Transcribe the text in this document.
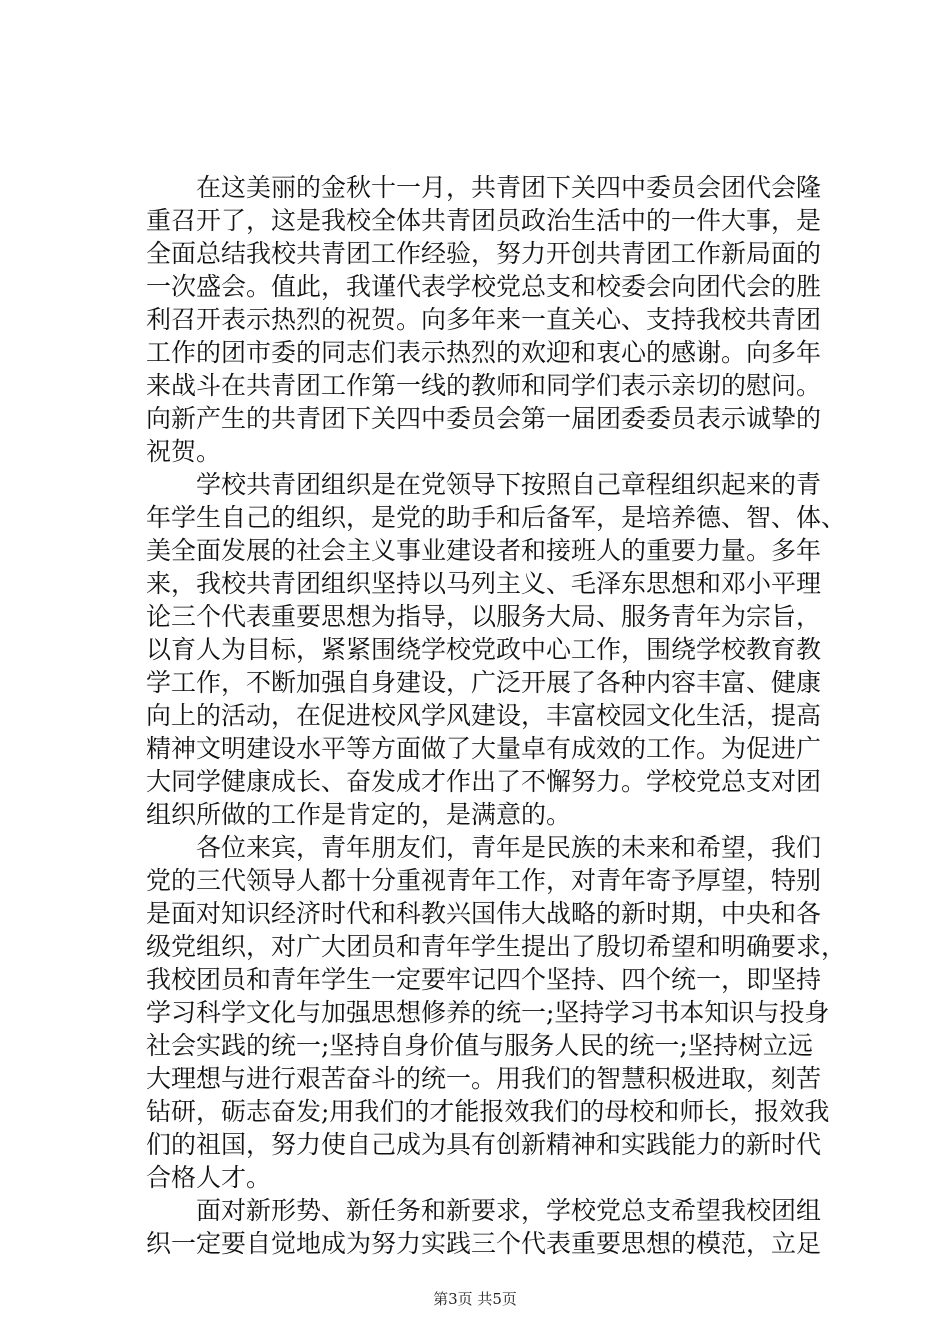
　　在这美丽的金秋十一月，共青团下关四中委员会团代会隆

重召开了，这是我校全体共青团员政治生活中的一件大事，是

全面总结我校共青团工作经验，努力开创共青团工作新局面的

一次盛会。值此，我谨代表学校党总支和校委会向团代会的胜

利召开表示热烈的祝贺。向多年来一直关心、支持我校共青团

工作的团市委的同志们表示热烈的欢迎和衷心的感谢。向多年

来战斗在共青团工作第一线的教师和同学们表示亲切的慰问。

向新产生的共青团下关四中委员会第一届团委委员表示诚挚的

祝贺。

　　学校共青团组织是在党领导下按照自己章程组织起来的青

年学生自己的组织，是党的助手和后备军，是培养德、智、体、

美全面发展的社会主义事业建设者和接班人的重要力量。多年

来，我校共青团组织坚持以马列主义、毛泽东思想和邓小平理

论三个代表重要思想为指导，以服务大局、服务青年为宗旨，

以育人为目标，紧紧围绕学校党政中心工作，围绕学校教育教

学工作，不断加强自身建设，广泛开展了各种内容丰富、健康

向上的活动，在促进校风学风建设，丰富校园文化生活，提高

精神文明建设水平等方面做了大量卓有成效的工作。为促进广

大同学健康成长、奋发成才作出了不懈努力。学校党总支对团

组织所做的工作是肯定的，是满意的。

　　各位来宾，青年朋友们，青年是民族的未来和希望，我们

党的三代领导人都十分重视青年工作，对青年寄予厚望，特别

是面对知识经济时代和科教兴国伟大战略的新时期，中央和各

级党组织，对广大团员和青年学生提出了殷切希望和明确要求，

我校团员和青年学生一定要牢记四个坚持、四个统一，即坚持

学习科学文化与加强思想修养的统一;坚持学习书本知识与投身

社会实践的统一;坚持自身价值与服务人民的统一;坚持树立远

大理想与进行艰苦奋斗的统一。用我们的智慧积极进取，刻苦

钻研，砺志奋发;用我们的才能报效我们的母校和师长，报效我

们的祖国，努力使自己成为具有创新精神和实践能力的新时代

合格人才。

　　面对新形势、新任务和新要求，学校党总支希望我校团组

织一定要自觉地成为努力实践三个代表重要思想的模范，立足

第3页 共5页
